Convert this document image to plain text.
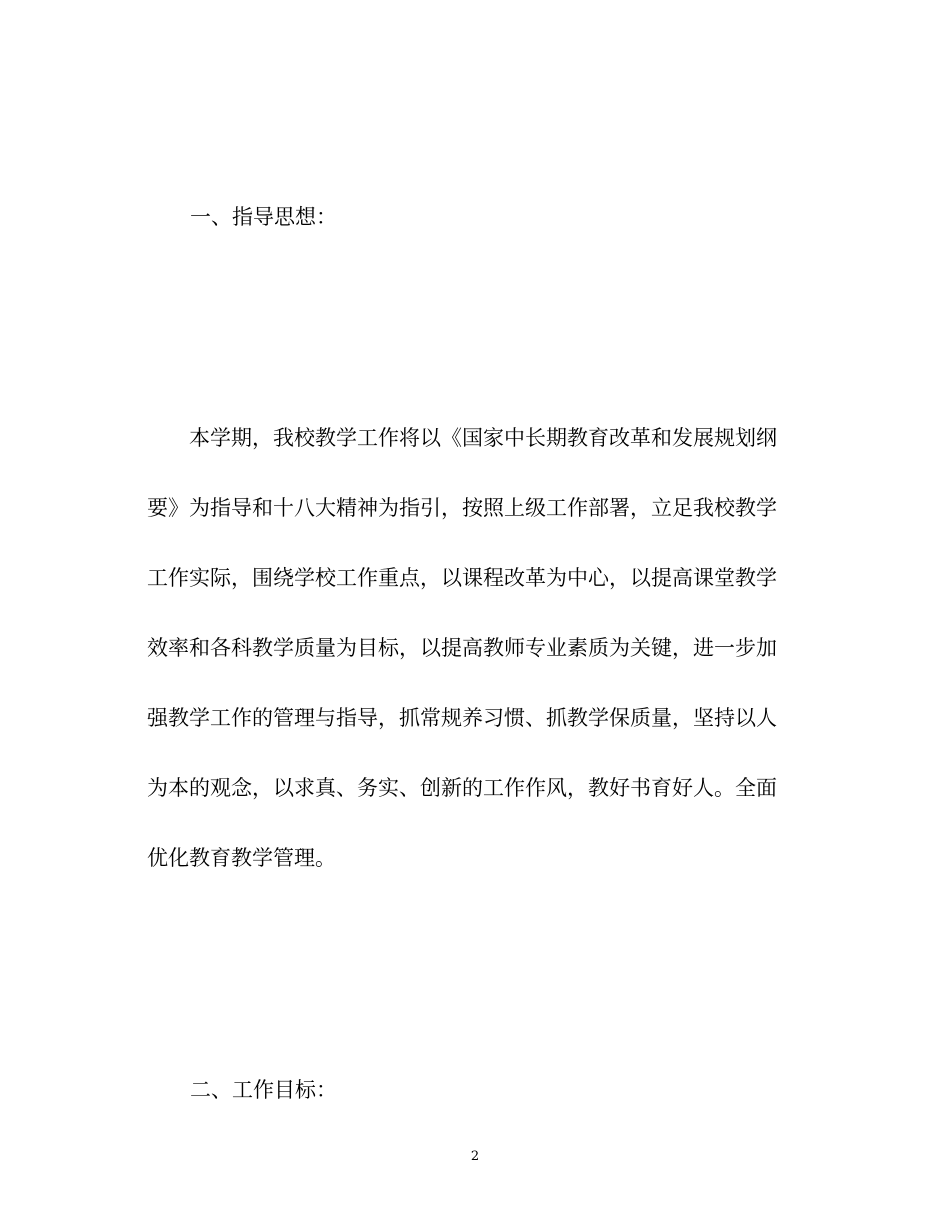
一、指导思想：
　　本学期，我校教学工作将以《国家中长期教育改革和发展规划纲
要》为指导和十八大精神为指引，按照上级工作部署，立足我校教学
工作实际，围绕学校工作重点，以课程改革为中心，以提高课堂教学
效率和各科教学质量为目标，以提高教师专业素质为关键，进一步加
强教学工作的管理与指导，抓常规养习惯、抓教学保质量，坚持以人
为本的观念，以求真、务实、创新的工作作风，教好书育好人。全面
优化教育教学管理。
二、工作目标：
2
